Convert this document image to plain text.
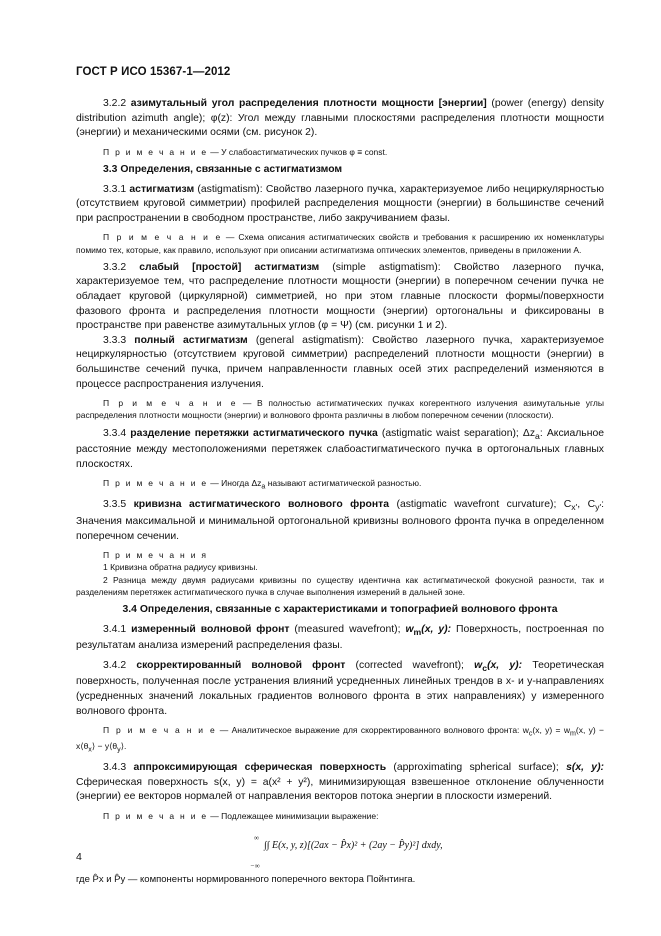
ГОСТ Р ИСО 15367-1—2012

3.2.2 азимутальный угол распределения плотности мощности [энергии] (power (energy) density distribution azimuth angle); φ(z): Угол между главными плоскостями распределения плотности мощности (энергии) и механическими осями (см. рисунок 2).

П р и м е ч а н и е — У слабоастигматических пучков φ ≡ const.

3.3 Определения, связанные с астигматизмом

3.3.1 астигматизм (astigmatism): Свойство лазерного пучка, характеризуемое либо нециркулярностью (отсутствием круговой симметрии) профилей распределения мощности (энергии) в большинстве сечений при распространении в свободном пространстве, либо закручиванием фазы.

П р и м е ч а н и е — Схема описания астигматических свойств и требования к расширению их номенклатуры помимо тех, которые, как правило, используют при описании астигматизма оптических элементов, приведены в приложении А.

3.3.2 слабый [простой] астигматизм (simple astigmatism): Свойство лазерного пучка, характеризуемое тем, что распределение плотности мощности (энергии) в поперечном сечении пучка не обладает круговой (циркулярной) симметрией, но при этом главные плоскости формы/поверхности фазового фронта и распределения плотности мощности (энергии) ортогональны и фиксированы в пространстве при равенстве азимутальных углов (φ = Ψ) (см. рисунки 1 и 2).

3.3.3 полный астигматизм (general astigmatism): Свойство лазерного пучка, характеризуемое нециркулярностью (отсутствием круговой симметрии) распределений плотности мощности (энергии) в большинстве сечений пучка, причем направленности главных осей этих распределений изменяются в процессе распространения излучения.

П р и м е ч а н и е — В полностью астигматических пучках когерентного излучения азимутальные углы распределения плотности мощности (энергии) и волнового фронта различны в любом поперечном сечении (плоскости).

3.3.4 разделение перетяжки астигматического пучка (astigmatic waist separation); $\Delta z_a$: Аксиальное расстояние между местоположениями перетяжек слабоастигматического пучка в ортогональных главных плоскостях.

П р и м е ч а н и е — Иногда $\Delta z_a$ называют астигматической разностью.

3.3.5 кривизна астигматического волнового фронта (astigmatic wavefront curvature); $C_{x'}$, $C_{y'}$: Значения максимальной и минимальной ортогональной кривизны волнового фронта пучка в определенном поперечном сечении.

П р и м е ч а н и я
1 Кривизна обратна радиусу кривизны.
2 Разница между двумя радиусами кривизны по существу идентична как астигматической фокусной разности, так и разделениям перетяжек астигматического пучка в случае выполнения измерений в дальней зоне.

3.4 Определения, связанные с характеристиками и топографией волнового фронта

3.4.1 измеренный волновой фронт (measured wavefront); $w_m(x$, y): Поверхность, построенная по результатам анализа измерений распределения фазы.

3.4.2 скорректированный волновой фронт (corrected wavefront); $w_c(x$, y): Теоретическая поверхность, полученная после устранения влияний усредненных линейных трендов в x- и y-направлениях (усредненных значений локальных градиентов волнового фронта в этих направлениях) у измеренного волнового фронта.

П р и м е ч а н и е — Аналитическое выражение для скорректированного волнового фронта: $w_c(x$, $y) = w_m(x$, $y) - x⟨\theta_x⟩$ − $y⟨\theta_y⟩$.

3.4.3 аппроксимирующая сферическая поверхность (approximating spherical surface); s(x, y): Сферическая поверхность s(x, y) = a(x² + y²), минимизирующая взвешенное отклонение облученности (энергии) ее векторов нормалей от направления векторов потока энергии в плоскости измерений.

П р и м е ч а н и е — Подлежащее минимизации выражение:

∞
−∞
∫∫ E(x, y, z)[(2ax − P̂x)² + (2ay − P̂y)²] dxdy,

где P̂x и P̂y — компоненты нормированного поперечного вектора Пойнтинга.

4
